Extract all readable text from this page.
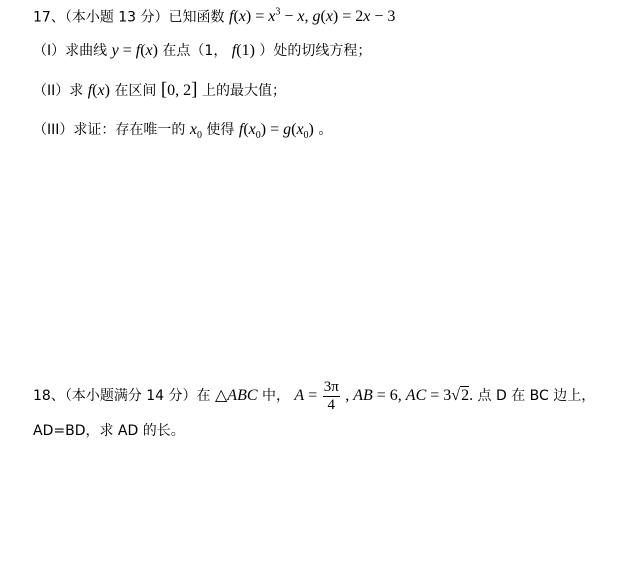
17、（本小题 13 分）已知函数 $f(x) = x^3 - x$, g(x) = 2x − 3
（I）求曲线 y = f(x) 在点（1， f(1) ）处的切线方程；
（II）求 f(x) 在区间 [0, 2] 上的最大值；
（III）求证：存在唯一的 $x_0$ 使得 $f(x_0) = g(x_0)$ 。
18、（本小题满分 14 分）在 △ABC 中， $A = \frac{3\pi}{4}$ , AB = 6, AC = 3√2. 点 D 在 BC 边上，
AD=BD，求 AD 的长。
